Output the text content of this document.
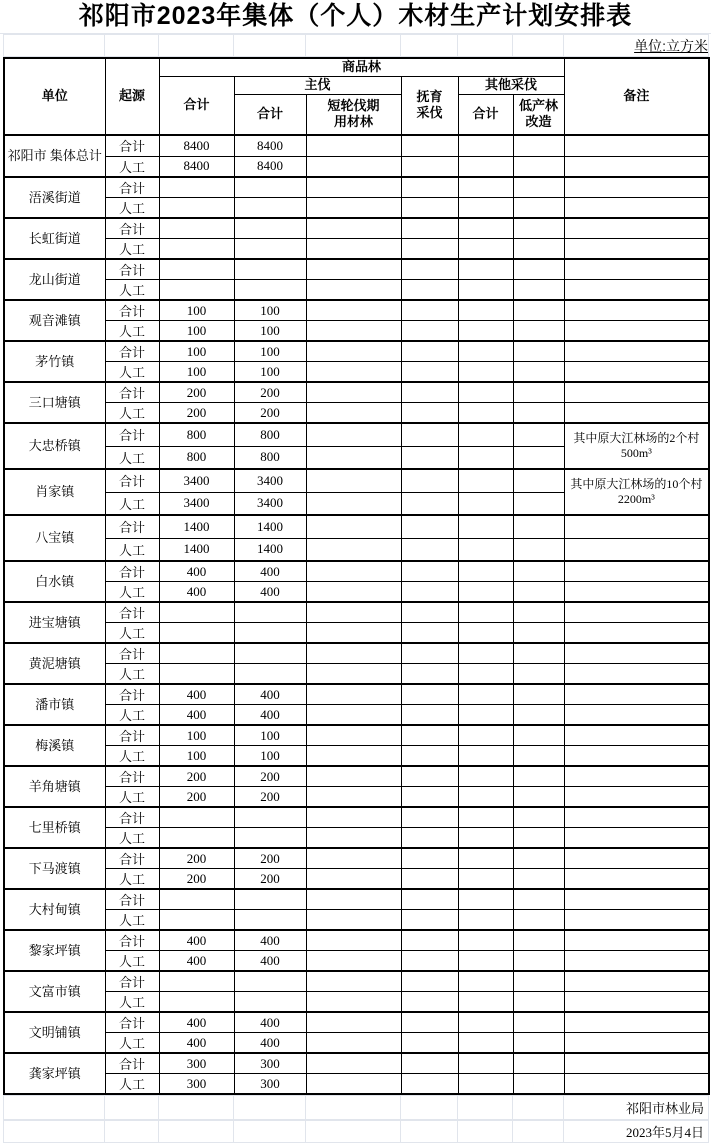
祁阳市2023年集体（个人）木材生产计划安排表
								单位:立方米
单位	起源	商品林						备注
		合计	主伐		抚育采伐	其他采伐		
			合计	短轮伐期用材林		合计	低产林改造	
祁阳市 集体总计	合计	8400	8400					
	人工	8400	8400					
浯溪街道	合计							
	人工							
长虹街道	合计							
	人工							
龙山街道	合计							
	人工							
观音滩镇	合计	100	100					
	人工	100	100					
茅竹镇	合计	100	100					
	人工	100	100					
三口塘镇	合计	200	200					
	人工	200	200					
大忠桥镇	合计	800	800					其中原大江林场的2个村500m³
	人工	800	800					
肖家镇	合计	3400	3400					其中原大江林场的10个村2200m³
	人工	3400	3400					
八宝镇	合计	1400	1400					
	人工	1400	1400					
白水镇	合计	400	400					
	人工	400	400					
进宝塘镇	合计							
	人工							
黄泥塘镇	合计							
	人工							
潘市镇	合计	400	400					
	人工	400	400					
梅溪镇	合计	100	100					
	人工	100	100					
羊角塘镇	合计	200	200					
	人工	200	200					
七里桥镇	合计							
	人工							
下马渡镇	合计	200	200					
	人工	200	200					
大村甸镇	合计							
	人工							
黎家坪镇	合计	400	400					
	人工	400	400					
文富市镇	合计							
	人工							
文明铺镇	合计	400	400					
	人工	400	400					
龚家坪镇	合计	300	300					
	人工	300	300					
								祁阳市林业局
								2023年5月4日
